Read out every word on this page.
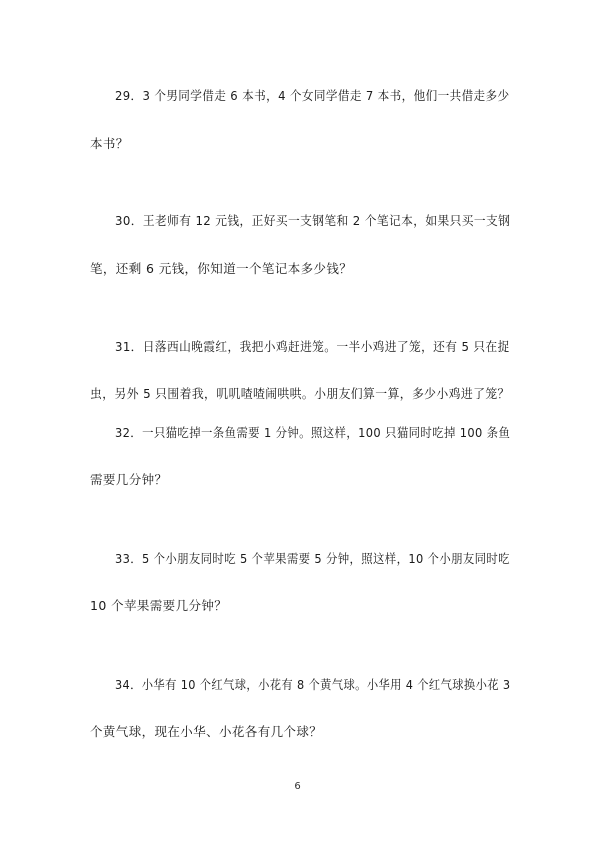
29．3 个男同学借走 6 本书，4 个女同学借走 7 本书，他们一共借走多少
本书？
30．王老师有 12 元钱，正好买一支钢笔和 2 个笔记本，如果只买一支钢
笔，还剩 6 元钱，你知道一个笔记本多少钱？
31．日落西山晚霞红，我把小鸡赶进笼。一半小鸡进了笼，还有 5 只在捉
虫，另外 5 只围着我，叽叽喳喳闹哄哄。小朋友们算一算，多少小鸡进了笼？
32．一只猫吃掉一条鱼需要 1 分钟。照这样，100 只猫同时吃掉 100 条鱼
需要几分钟？
33．5 个小朋友同时吃 5 个苹果需要 5 分钟，照这样，10 个小朋友同时吃
10 个苹果需要几分钟？
34．小华有 10 个红气球，小花有 8 个黄气球。小华用 4 个红气球换小花 3
个黄气球，现在小华、小花各有几个球？
6
